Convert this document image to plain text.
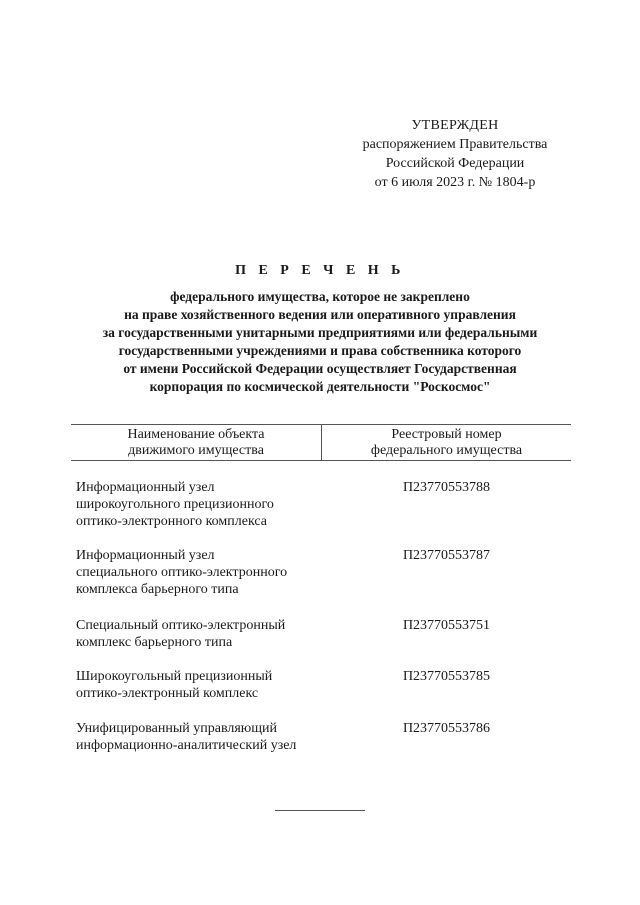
УТВЕРЖДЕН
распоряжением Правительства
Российской Федерации
от 6 июля 2023 г. № 1804-р
П Е Р Е Ч Е Н Ь
федерального имущества, которое не закреплено
на праве хозяйственного ведения или оперативного управления
за государственными унитарными предприятиями или федеральными
государственными учреждениями и права собственника которого
от имени Российской Федерации осуществляет Государственная
корпорация по космической деятельности "Роскосмос"
Наименование объекта
движимого имущества
Реестровый номер
федерального имущества
Информационный узел
широкоугольного прецизионного
оптико-электронного комплекса
П23770553788
Информационный узел
специального оптико-электронного
комплекса барьерного типа
П23770553787
Специальный оптико-электронный
комплекс барьерного типа
П23770553751
Широкоугольный прецизионный
оптико-электронный комплекс
П23770553785
Унифицированный управляющий
информационно-аналитический узел
П23770553786
